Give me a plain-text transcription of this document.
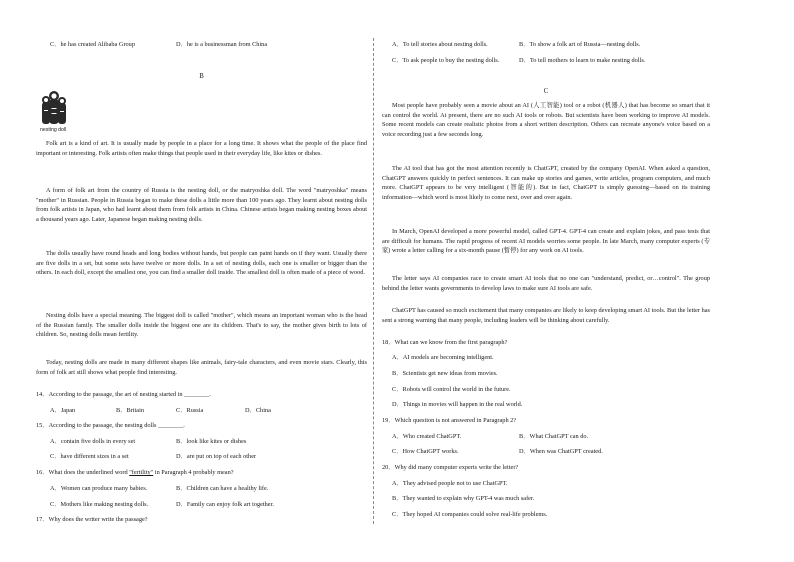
C．he has created Alibaba Group	D．he is a businessman from China
B
nesting doll

Folk art is a kind of art. It is usually made by people in a place for a long time. It shows what the people of the place find important or interesting. Folk artists often make things that people used in their everyday life, like kites or dishes.

A form of folk art from the country of Russia is the nesting doll, or the matryoshka doll. The word "matryoshka" means "mother" in Russian. People in Russia began to make these dolls a little more than 100 years ago. They learnt about nesting dolls from folk artists in Japan, who had learnt about them from folk artists in China. Chinese artists began making nesting boxes about a thousand years ago. Later, Japanese began making nesting dolls.

The dolls usually have round heads and long bodies without hands, but people can paint hands on if they want. Usually there are five dolls in a set, but some sets have twelve or more dolls. In a set of nesting dolls, each one is smaller or bigger than the others. In each doll, except the smallest one, you can find a smaller doll inside. The smallest doll is often made of a piece of wood.

Nesting dolls have a special meaning. The biggest doll is called "mother", which means an important woman who is the head of the Russian family. The smaller dolls inside the biggest one are its children. That's to say, the mother gives birth to lots of children. So, nesting dolls mean fertility.

Today, nesting dolls are made in many different shapes like animals, fairy-tale characters, and even movie stars. Clearly, this form of folk art still shows what people find interesting.

14．According to the passage, the art of nesting started in ________.
A．Japan	B．Britain	C．Russia	D．China
15．According to the passage, the nesting dolls ________.
A．contain five dolls in every set	B．look like kites or dishes
C．have different sizes in a set	D．are put on top of each other
16．What does the underlined word "fertility" in Paragraph 4 probably mean?
A．Women can produce many babies.	B．Children can have a healthy life.
C．Mothers like making nesting dolls.	D．Family can enjoy folk art together.
17．Why does the writer write the passage?
A．To tell stories about nesting dolls.	B．To show a folk art of Russia—nesting dolls.
C．To ask people to buy the nesting dolls.	D．To tell mothers to learn to make nesting dolls.
C

Most people have probably seen a movie about an AI (人工智能) tool or a robot (机器人) that has become so smart that it can control the world. At present, there are no such AI tools or robots. But scientists have been working to improve AI models. Some recent models can create realistic photos from a short written description. Others can recreate anyone's voice based on a voice recording just a few seconds long.

The AI tool that has got the most attention recently is ChatGPT, created by the company OpenAI. When asked a question, ChatGPT answers quickly in perfect sentences. It can make up stories and games, write articles, program computers, and much more. ChatGPT appears to be very intelligent (智能的). But in fact, ChatGPT is simply guessing—based on its training information—which word is most likely to come next, over and over again.

In March, OpenAI developed a more powerful model, called GPT-4. GPT-4 can create and explain jokes, and pass tests that are difficult for humans. The rapid progress of recent AI models worries some people. In late March, many computer experts (专家) wrote a letter calling for a six-month pause (暂停) for any work on AI tools.

The letter says AI companies race to create smart AI tools that no one can "understand, predict, or…control". The group behind the letter wants governments to develop laws to make sure AI tools are safe.

ChatGPT has caused so much excitement that many companies are likely to keep developing smart AI tools. But the letter has sent a strong warning that many people, including leaders will be thinking about carefully.

18．What can we know from the first paragraph?
A．AI models are becoming intelligent.
B．Scientists get new ideas from movies.
C．Robots will control the world in the future.
D．Things in movies will happen in the real world.
19．Which question is not answered in Paragraph 2?
A．Who created ChatGPT.	B．What ChatGPT can do.
C．How ChatGPT works.	D．When was ChatGPT created.
20．Why did many computer experts write the letter?
A．They advised people not to use ChatGPT.
B．They wanted to explain why GPT-4 was much safer.
C．They hoped AI companies could solve real-life problems.
